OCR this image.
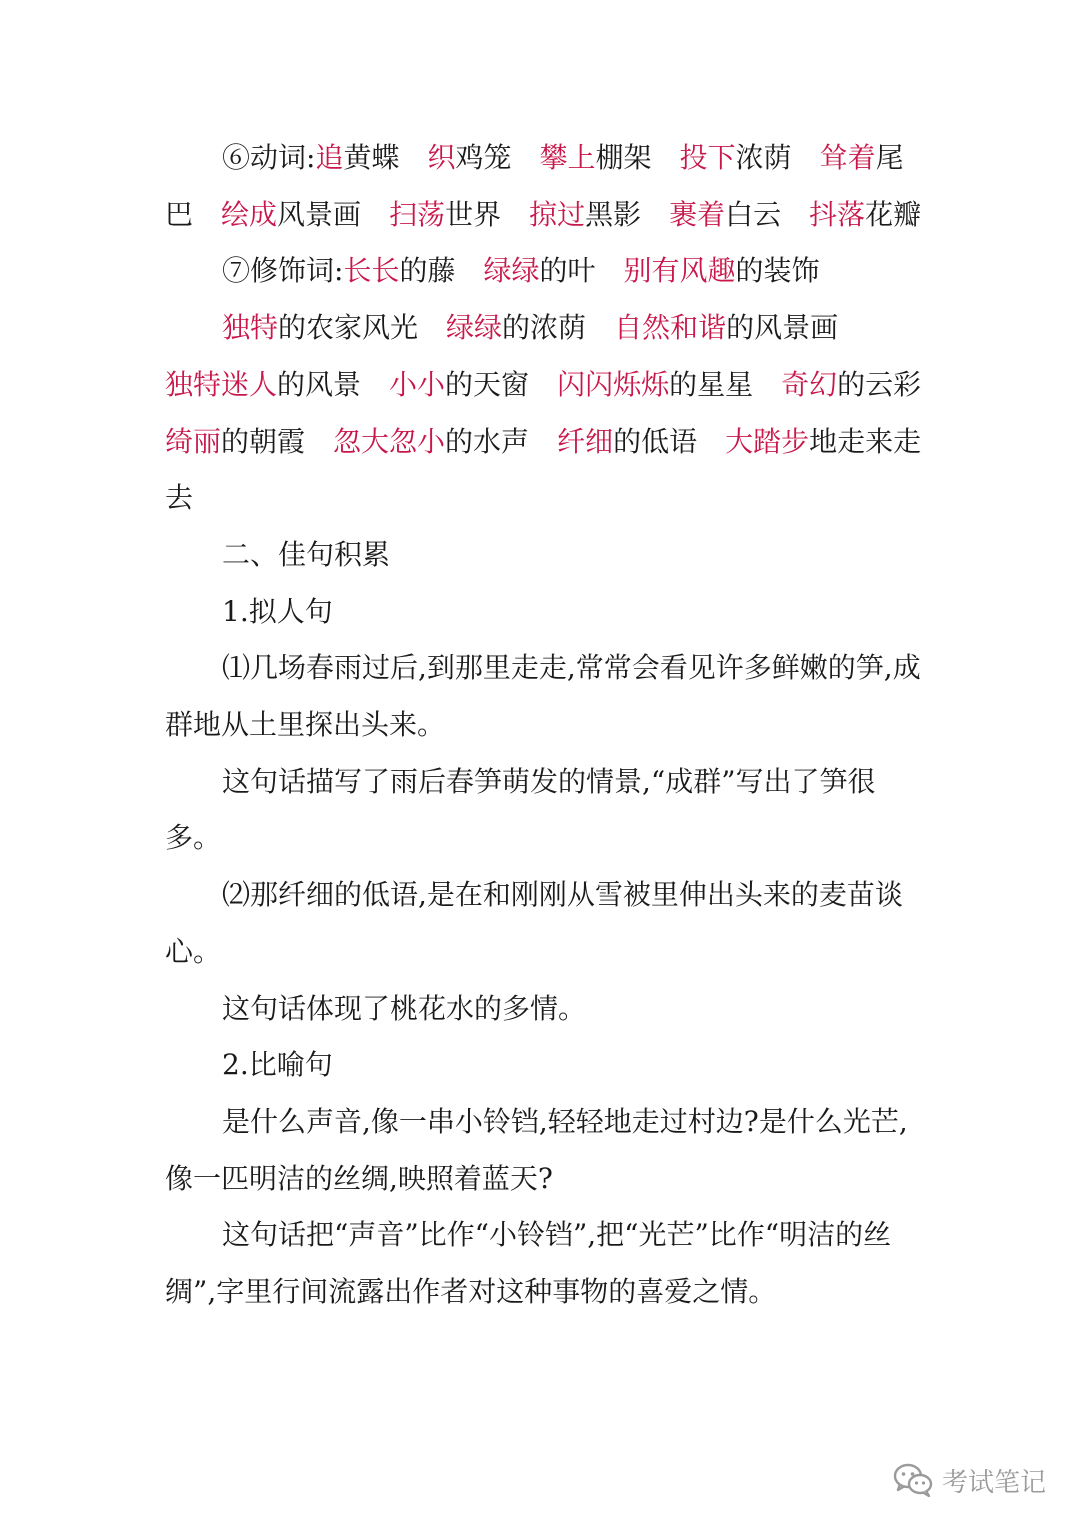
⑥动词:追黄蝶　织鸡笼　攀上棚架　投下浓荫　耸着尾巴　绘成风景画　扫荡世界　掠过黑影　裹着白云　抖落花瓣

⑦修饰词:长长的藤　绿绿的叶　别有风趣的装饰

独特的农家风光　绿绿的浓荫　自然和谐的风景画

独特迷人的风景　小小的天窗　闪闪烁烁的星星　奇幻的云彩　绮丽的朝霞　忽大忽小的水声　纤细的低语　大踏步地走来走去

二、佳句积累

1.拟人句

⑴几场春雨过后,到那里走走,常常会看见许多鲜嫩的笋,成群地从土里探出头来。

这句话描写了雨后春笋萌发的情景,“成群”写出了笋很多。

⑵那纤细的低语,是在和刚刚从雪被里伸出头来的麦苗谈心。

这句话体现了桃花水的多情。

2.比喻句

是什么声音,像一串小铃铛,轻轻地走过村边?是什么光芒,像一匹明洁的丝绸,映照着蓝天?

这句话把“声音”比作“小铃铛”,把“光芒”比作“明洁的丝绸”,字里行间流露出作者对这种事物的喜爱之情。

考试笔记
